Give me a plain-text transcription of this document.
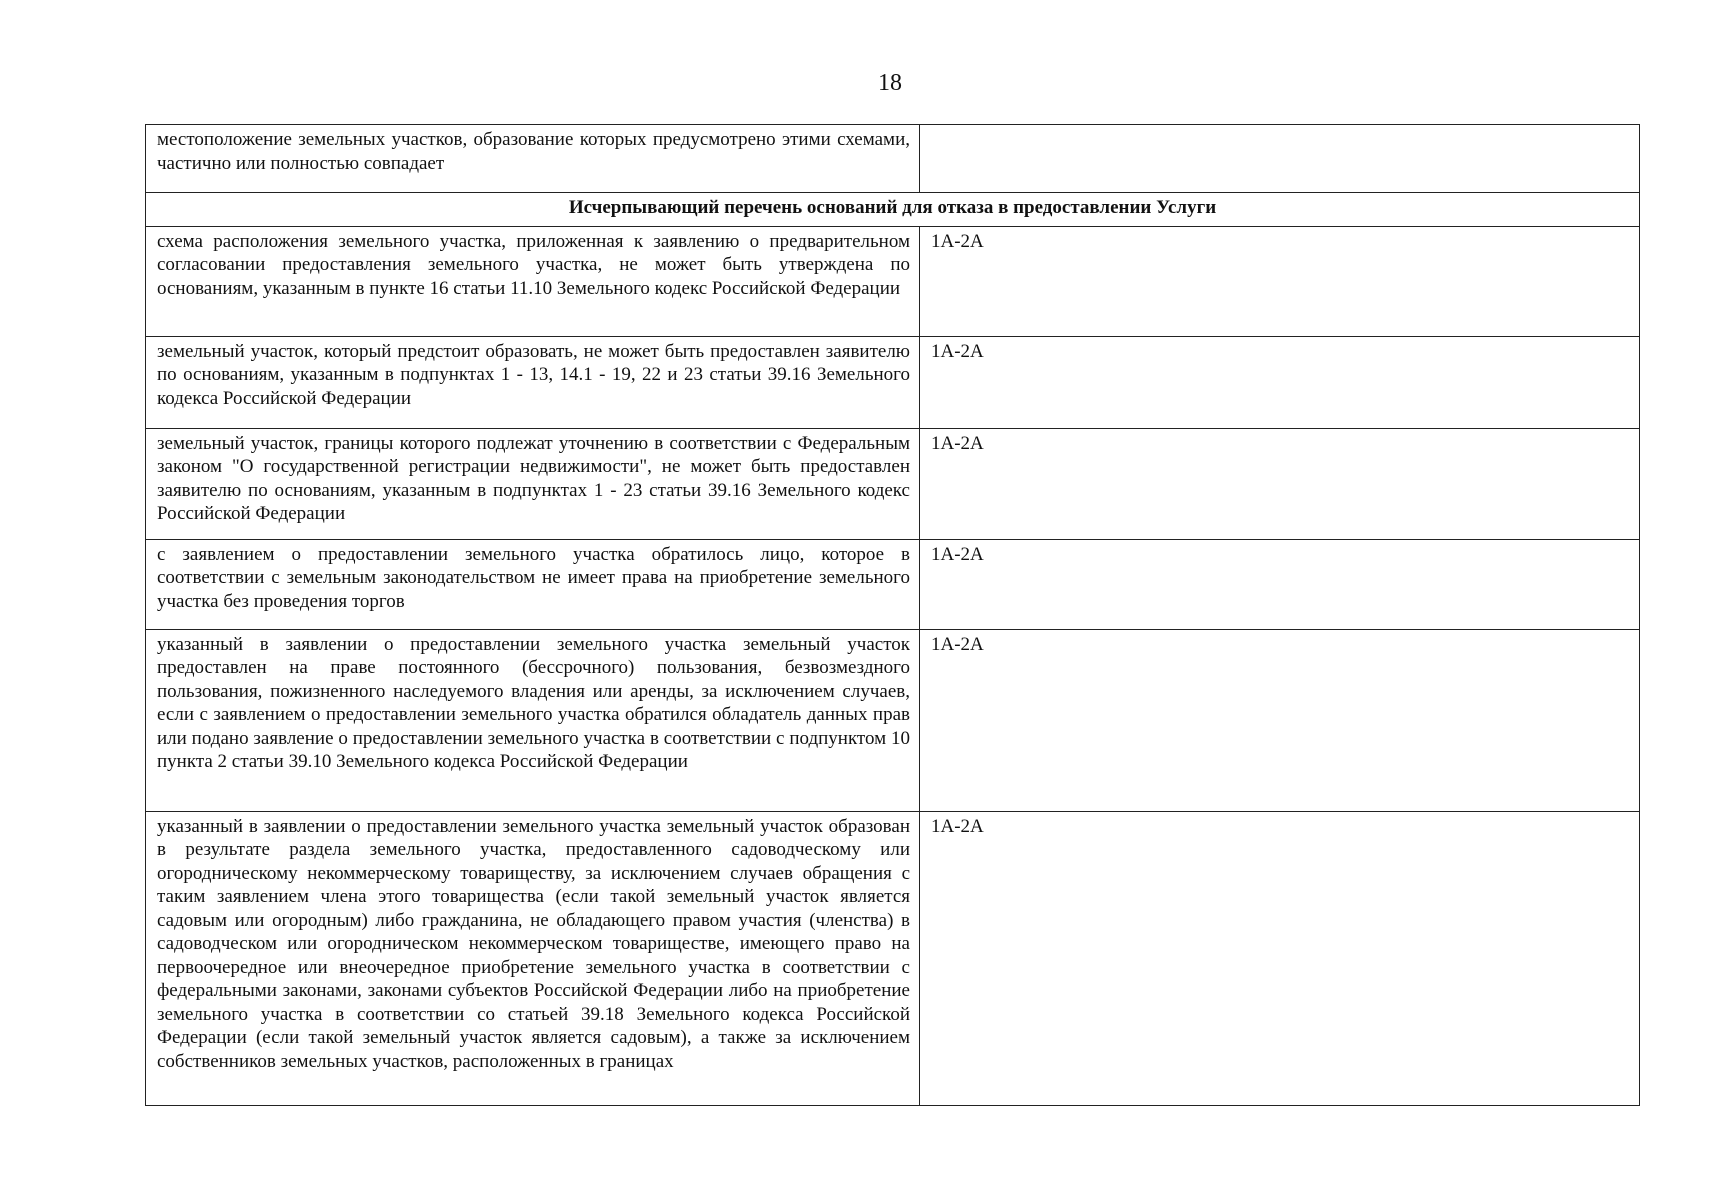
18
местоположение земельных участков, образование которых предусмотрено этими схемами, частично или полностью совпадает	
Исчерпывающий перечень оснований для отказа в предоставлении Услуги	
схема расположения земельного участка, приложенная к заявлению о предварительном согласовании предоставления земельного участка, не может быть утверждена по основаниям, указанным в пункте 16 статьи 11.10 Земельного кодекс Российской Федерации	1А-2А
земельный участок, который предстоит образовать, не может быть предоставлен заявителю по основаниям, указанным в подпунктах 1 - 13, 14.1 - 19, 22 и 23 статьи 39.16 Земельного кодекса Российской Федерации	1А-2А
земельный участок, границы которого подлежат уточнению в соответствии с Федеральным законом "О государственной регистрации недвижимости", не может быть предоставлен заявителю по основаниям, указанным в подпунктах 1 - 23 статьи 39.16 Земельного кодекс Российской Федерации	1А-2А
с заявлением о предоставлении земельного участка обратилось лицо, которое в соответствии с земельным законодательством не имеет права на приобретение земельного участка без проведения торгов	1А-2А
указанный в заявлении о предоставлении земельного участка земельный участок предоставлен на праве постоянного (бессрочного) пользования, безвозмездного пользования, пожизненного наследуемого владения или аренды, за исключением случаев, если с заявлением о предоставлении земельного участка обратился обладатель данных прав или подано заявление о предоставлении земельного участка в соответствии с подпунктом 10 пункта 2 статьи 39.10 Земельного кодекса Российской Федерации	1А-2А
указанный в заявлении о предоставлении земельного участка земельный участок образован в результате раздела земельного участка, предоставленного садоводческому или огородническому некоммерческому товариществу, за исключением случаев обращения с таким заявлением члена этого товарищества (если такой земельный участок является садовым или огородным) либо гражданина, не обладающего правом участия (членства) в садоводческом или огородническом некоммерческом товариществе, имеющего право на первоочередное или внеочередное приобретение земельного участка в соответствии с федеральными законами, законами субъектов Российской Федерации либо на приобретение земельного участка в соответствии со статьей 39.18 Земельного кодекса Российской Федерации (если такой земельный участок является садовым), а также за исключением собственников земельных участков, расположенных в границах	1А-2А
